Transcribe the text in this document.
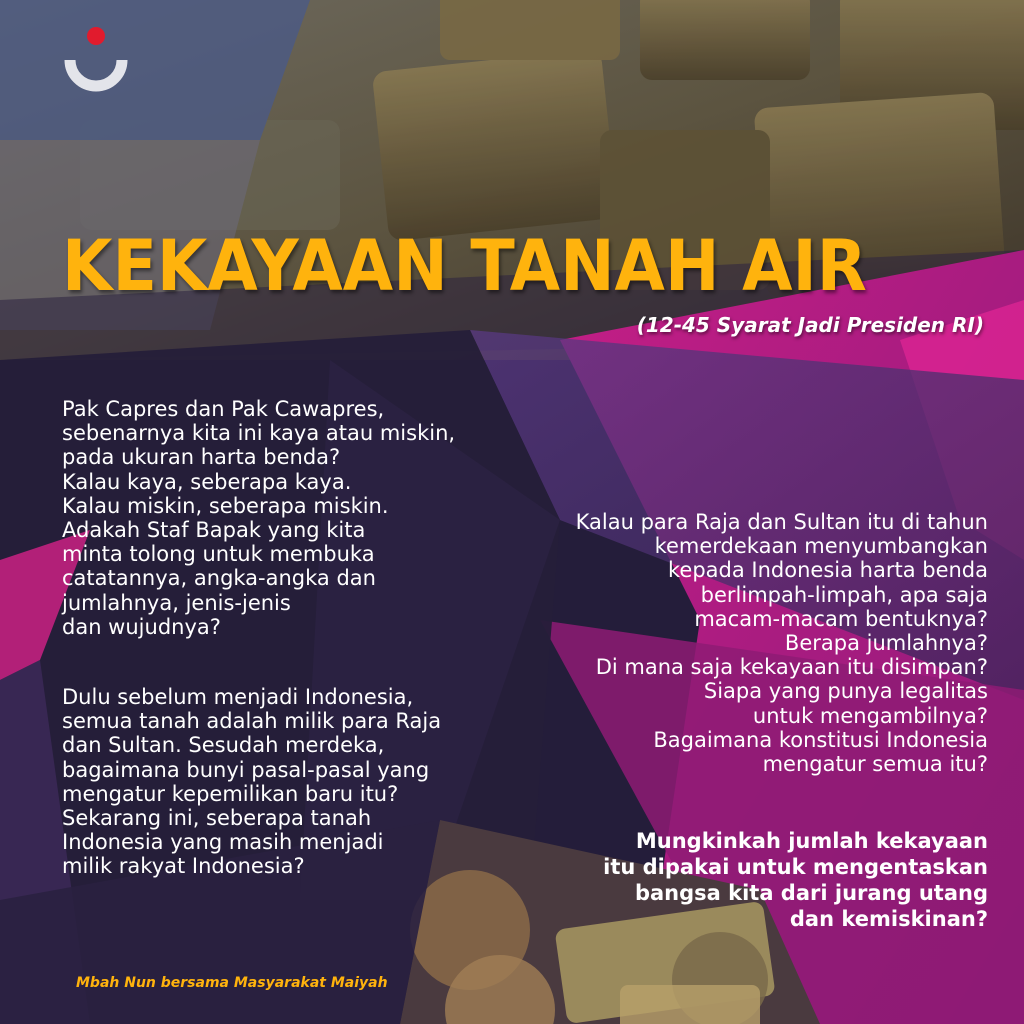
KEKAYAAN TANAH AIR

(12-45 Syarat Jadi Presiden RI)

Pak Capres dan Pak Cawapres,
sebenarnya kita ini kaya atau miskin,
pada ukuran harta benda?
Kalau kaya, seberapa kaya.
Kalau miskin, seberapa miskin.
Adakah Staf Bapak yang kita
minta tolong untuk membuka
catatannya, angka-angka dan
jumlahnya, jenis-jenis
dan wujudnya?

Dulu sebelum menjadi Indonesia,
semua tanah adalah milik para Raja
dan Sultan. Sesudah merdeka,
bagaimana bunyi pasal-pasal yang
mengatur kepemilikan baru itu?
Sekarang ini, seberapa tanah
Indonesia yang masih menjadi
milik rakyat Indonesia?

Kalau para Raja dan Sultan itu di tahun
kemerdekaan menyumbangkan
kepada Indonesia harta benda
berlimpah-limpah, apa saja
macam-macam bentuknya?
Berapa jumlahnya?
Di mana saja kekayaan itu disimpan?
Siapa yang punya legalitas
untuk mengambilnya?
Bagaimana konstitusi Indonesia
mengatur semua itu?

Mungkinkah jumlah kekayaan
itu dipakai untuk mengentaskan
bangsa kita dari jurang utang
dan kemiskinan?

Mbah Nun bersama Masyarakat Maiyah
